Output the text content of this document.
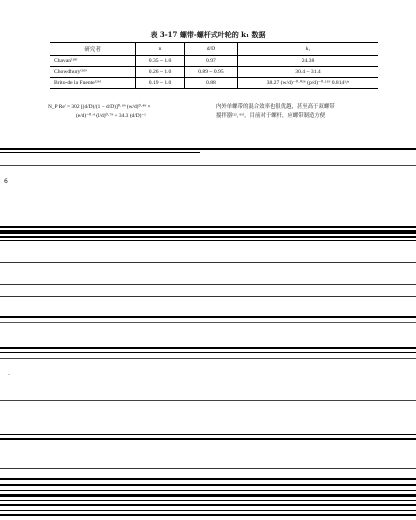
表 3-17 螺带-螺杆式叶轮的 k₁ 数据
研究者	n	d/D	k₁
Chavan⁽¹⁸⁾	0.35 ~ 1.0	0.97	24.38
Chowdhury⁽³⁹⁾	0.26 ~ 1.0	0.89 ~ 0.95	30.4 ~ 31.4
Brito-de la Fuente⁽²⁶⁾	0.19 ~ 1.0	0.88	38.27 (w/d)⁻⁰·⁰²⁶ (p/d)⁻⁰·¹¹⁹ 0.814¹/ⁿ
N_P Re' = 302 [(d/D)/(1 − d/D)]⁰·⁶⁹ (w/d)⁰·⁴⁹ ×
(e/d)⁻⁰·⁴ (l/d)⁰·⁷⁹ + 34.3 (d/D)⁻¹
内外单螺带的混合效率也很优越，甚至高于双螺带
搅拌器⁽²², ⁹¹⁾。目前对于螺杆，应螺带制造方便
6
·
